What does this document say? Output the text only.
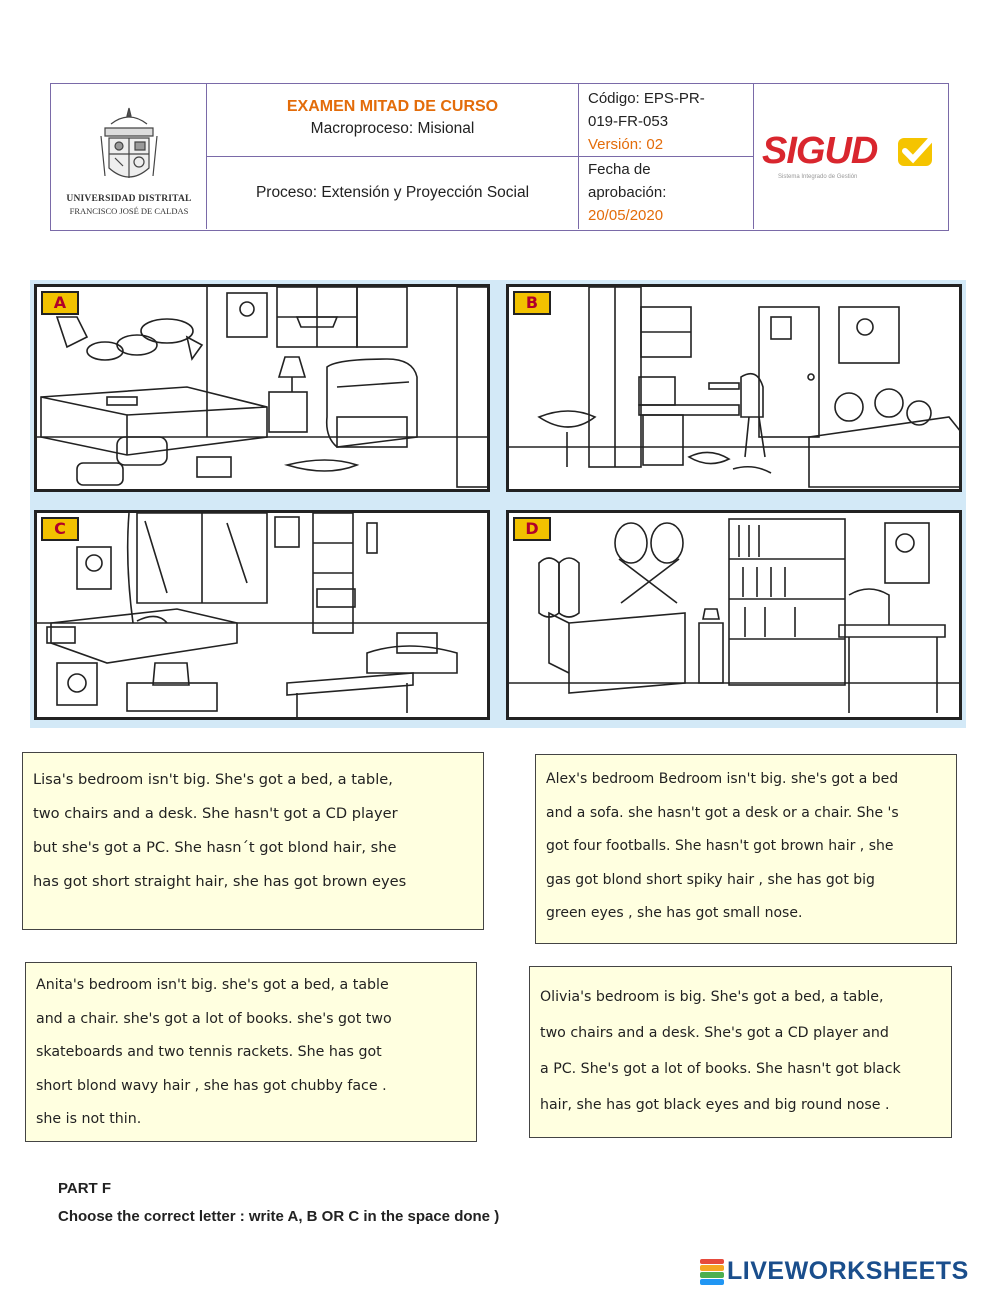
UNIVERSIDAD DISTRITAL
FRANCISCO JOSÉ DE CALDAS
EXAMEN MITAD DE CURSO
Macroproceso: Misional
Proceso: Extensión y Proyección Social
Código: EPS-PR-
019-FR-053
Versión: 02
Fecha de
aprobación:
20/05/2020
SIGUD
Sistema Integrado de Gestión
A	B
C	D
Lisa's bedroom isn't big. She's got a bed, a table,
two chairs and a desk. She hasn't got a CD player
but she's got a PC. She hasn´t got blond hair, she
has got short straight hair, she has got brown eyes
Alex's bedroom Bedroom isn't big. she's got a bed
and a sofa. she hasn't got a desk or a chair. She 's
got four footballs. She hasn't got brown hair , she
gas got blond short spiky hair , she has got big
green eyes , she has got small nose.
Anita's bedroom isn't big. she's got a bed, a table
and a chair. she's got a lot of books. she's got two
skateboards and two tennis rackets. She has got
short blond wavy hair , she has got chubby face .
she is not thin.
Olivia's bedroom is big. She's got a bed, a table,
two chairs and a desk. She's got a CD player and
a PC. She's got a lot of books. She hasn't got black
hair, she has got black eyes and big round nose .
PART F
Choose the correct letter : write A, B OR C in the space done )
LIVEWORKSHEETS
